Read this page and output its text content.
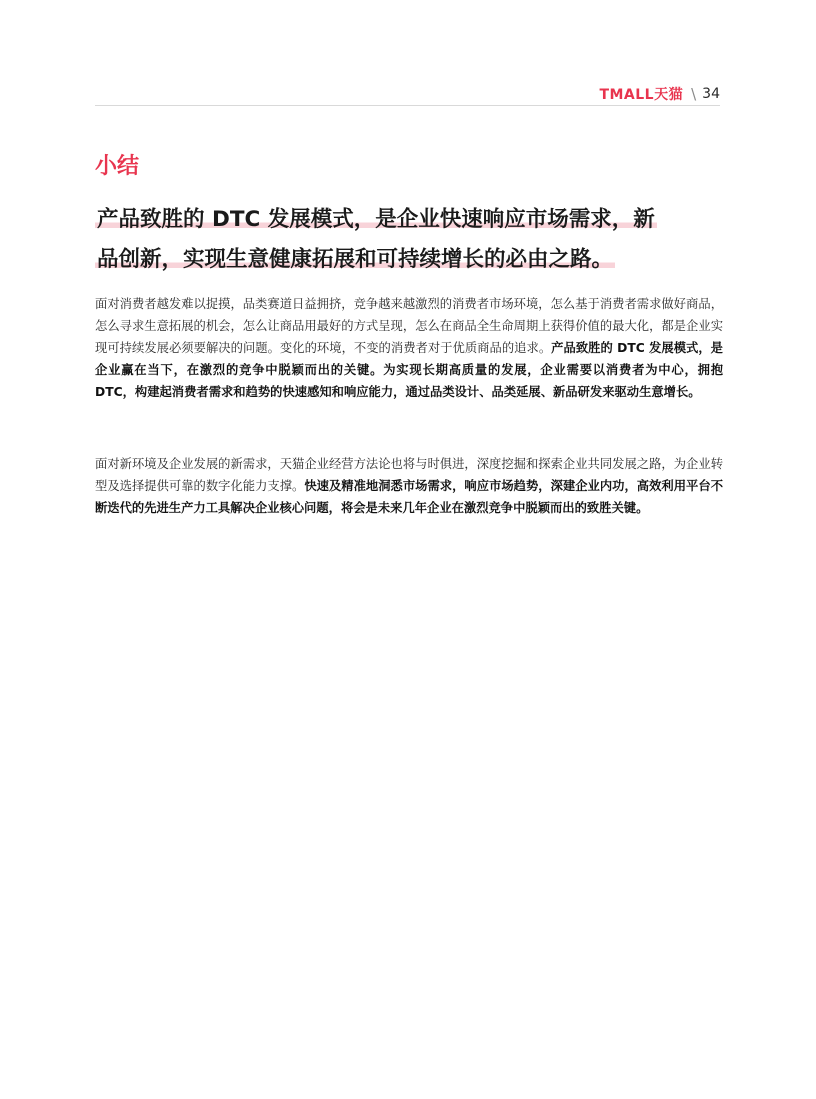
TMALL天猫 \ 34
小结
产品致胜的 DTC 发展模式，是企业快速响应市场需求，新
品创新，实现生意健康拓展和可持续增长的必由之路。

面对消费者越发难以捉摸，品类赛道日益拥挤，竞争越来越激烈的消费者市场环境，怎么基于消费者需求做好商品，怎么寻求生意拓展的机会，怎么让商品用最好的方式呈现，怎么在商品全生命周期上获得价值的最大化，都是企业实现可持续发展必须要解决的问题。变化的环境，不变的消费者对于优质商品的追求。产品致胜的 DTC 发展模式，是企业赢在当下，在激烈的竞争中脱颖而出的关键。为实现长期高质量的发展，企业需要以消费者为中心，拥抱 DTC，构建起消费者需求和趋势的快速感知和响应能力，通过品类设计、品类延展、新品研发来驱动生意增长。

面对新环境及企业发展的新需求，天猫企业经营方法论也将与时俱进，深度挖掘和探索企业共同发展之路，为企业转型及选择提供可靠的数字化能力支撑。快速及精准地洞悉市场需求，响应市场趋势，深建企业内功，高效利用平台不断迭代的先进生产力工具解决企业核心问题，将会是未来几年企业在激烈竞争中脱颖而出的致胜关键。
